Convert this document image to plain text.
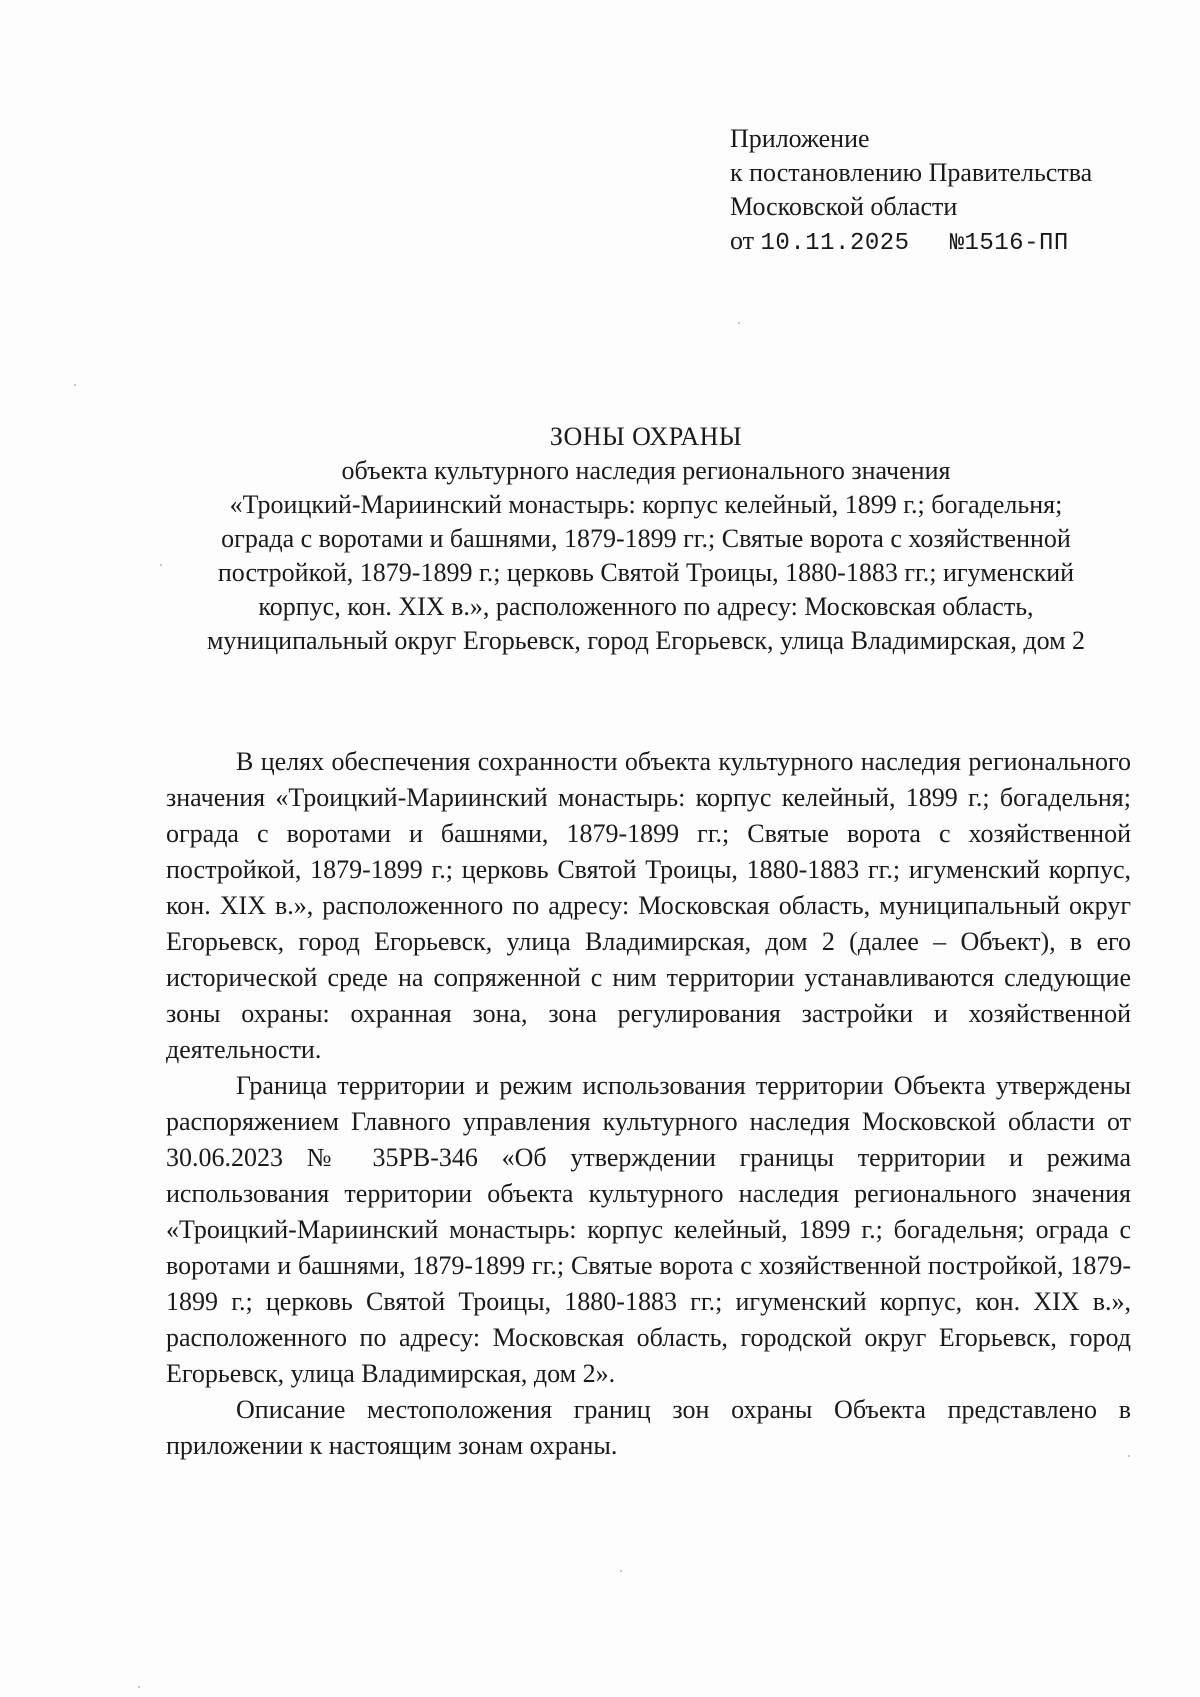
Приложение
к постановлению Правительства
Московской области
от 10.11.2025 №1516-ПП
ЗОНЫ ОХРАНЫ
объекта культурного наследия регионального значения
«Троицкий-Мариинский монастырь: корпус келейный, 1899 г.; богадельня;
ограда с воротами и башнями, 1879-1899 гг.; Святые ворота с хозяйственной
постройкой, 1879-1899 г.; церковь Святой Троицы, 1880-1883 гг.; игуменский
корпус, кон. XIX в.», расположенного по адресу: Московская область,
муниципальный округ Егорьевск, город Егорьевск, улица Владимирская, дом 2

В целях обеспечения сохранности объекта культурного наследия регионального значения «Троицкий-Мариинский монастырь: корпус келейный, 1899 г.; богадельня; ограда с воротами и башнями, 1879-1899 гг.; Святые ворота с хозяйственной постройкой, 1879-1899 г.; церковь Святой Троицы, 1880-1883 гг.; игуменский корпус, кон. XIX в.», расположенного по адресу: Московская область, муниципальный округ Егорьевск, город Егорьевск, улица Владимирская, дом 2 (далее – Объект), в его исторической среде на сопряженной с ним территории устанавливаются следующие зоны охраны: охранная зона, зона регулирования застройки и хозяйственной деятельности.

Граница территории и режим использования территории Объекта утверждены распоряжением Главного управления культурного наследия Московской области от 30.06.2023 № 35РВ-346 «Об утверждении границы территории и режима использования территории объекта культурного наследия регионального значения «Троицкий-Мариинский монастырь: корпус келейный, 1899 г.; богадельня; ограда с воротами и башнями, 1879-1899 гг.; Святые ворота с хозяйственной постройкой, 1879-1899 г.; церковь Святой Троицы, 1880-1883 гг.; игуменский корпус, кон. XIX в.», расположенного по адресу: Московская область, городской округ Егорьевск, город Егорьевск, улица Владимирская, дом 2».

Описание местоположения границ зон охраны Объекта представлено в приложении к настоящим зонам охраны.
